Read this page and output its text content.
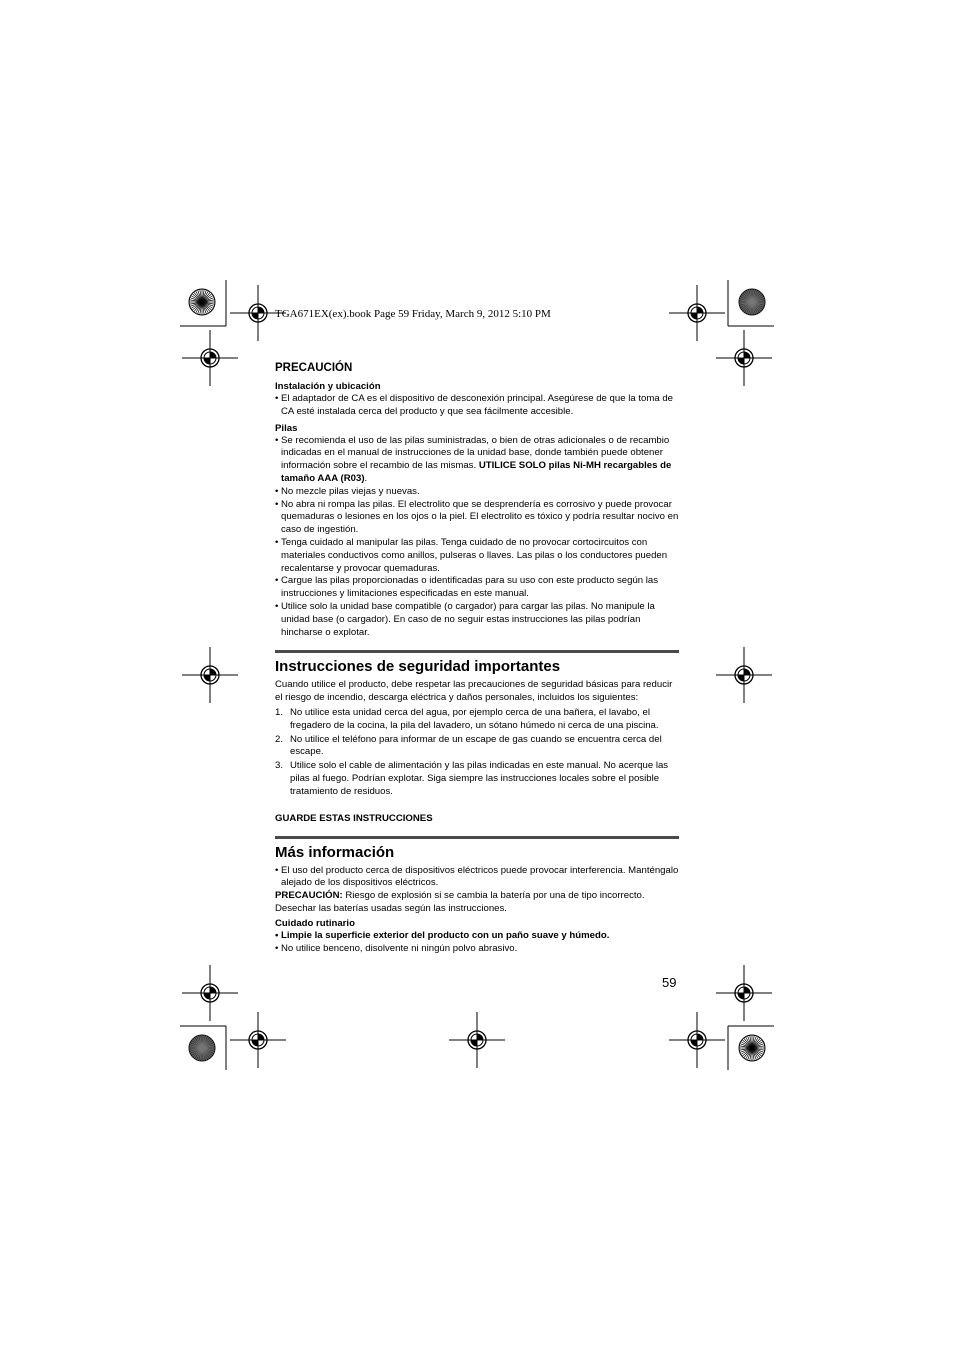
TGA671EX(ex).book Page 59 Friday, March 9, 2012 5:10 PM
PRECAUCIÓN
Instalación y ubicación
• El adaptador de CA es el dispositivo de desconexión principal. Asegúrese de que la toma de CA esté instalada cerca del producto y que sea fácilmente accesible.
Pilas
• Se recomienda el uso de las pilas suministradas, o bien de otras adicionales o de recambio indicadas en el manual de instrucciones de la unidad base, donde también puede obtener información sobre el recambio de las mismas. UTILICE SOLO pilas Ni-MH recargables de tamaño AAA (R03).
• No mezcle pilas viejas y nuevas.
• No abra ni rompa las pilas. El electrolito que se desprendería es corrosivo y puede provocar quemaduras o lesiones en los ojos o la piel. El electrolito es tóxico y podría resultar nocivo en caso de ingestión.
• Tenga cuidado al manipular las pilas. Tenga cuidado de no provocar cortocircuitos con materiales conductivos como anillos, pulseras o llaves. Las pilas o los conductores pueden recalentarse y provocar quemaduras.
• Cargue las pilas proporcionadas o identificadas para su uso con este producto según las instrucciones y limitaciones especificadas en este manual.
• Utilice solo la unidad base compatible (o cargador) para cargar las pilas. No manipule la unidad base (o cargador). En caso de no seguir estas instrucciones las pilas podrían hincharse o explotar.
Instrucciones de seguridad importantes
Cuando utilice el producto, debe respetar las precauciones de seguridad básicas para reducir el riesgo de incendio, descarga eléctrica y daños personales, incluidos los siguientes:
1. No utilice esta unidad cerca del agua, por ejemplo cerca de una bañera, el lavabo, el fregadero de la cocina, la pila del lavadero, un sótano húmedo ni cerca de una piscina.
2. No utilice el teléfono para informar de un escape de gas cuando se encuentra cerca del escape.
3. Utilice solo el cable de alimentación y las pilas indicadas en este manual. No acerque las pilas al fuego. Podrían explotar. Siga siempre las instrucciones locales sobre el posible tratamiento de residuos.
GUARDE ESTAS INSTRUCCIONES
Más información
• El uso del producto cerca de dispositivos eléctricos puede provocar interferencia. Manténgalo alejado de los dispositivos eléctricos.
PRECAUCIÓN: Riesgo de explosión si se cambia la batería por una de tipo incorrecto. Desechar las baterías usadas según las instrucciones.
Cuidado rutinario
• Limpie la superficie exterior del producto con un paño suave y húmedo.
• No utilice benceno, disolvente ni ningún polvo abrasivo.
59
